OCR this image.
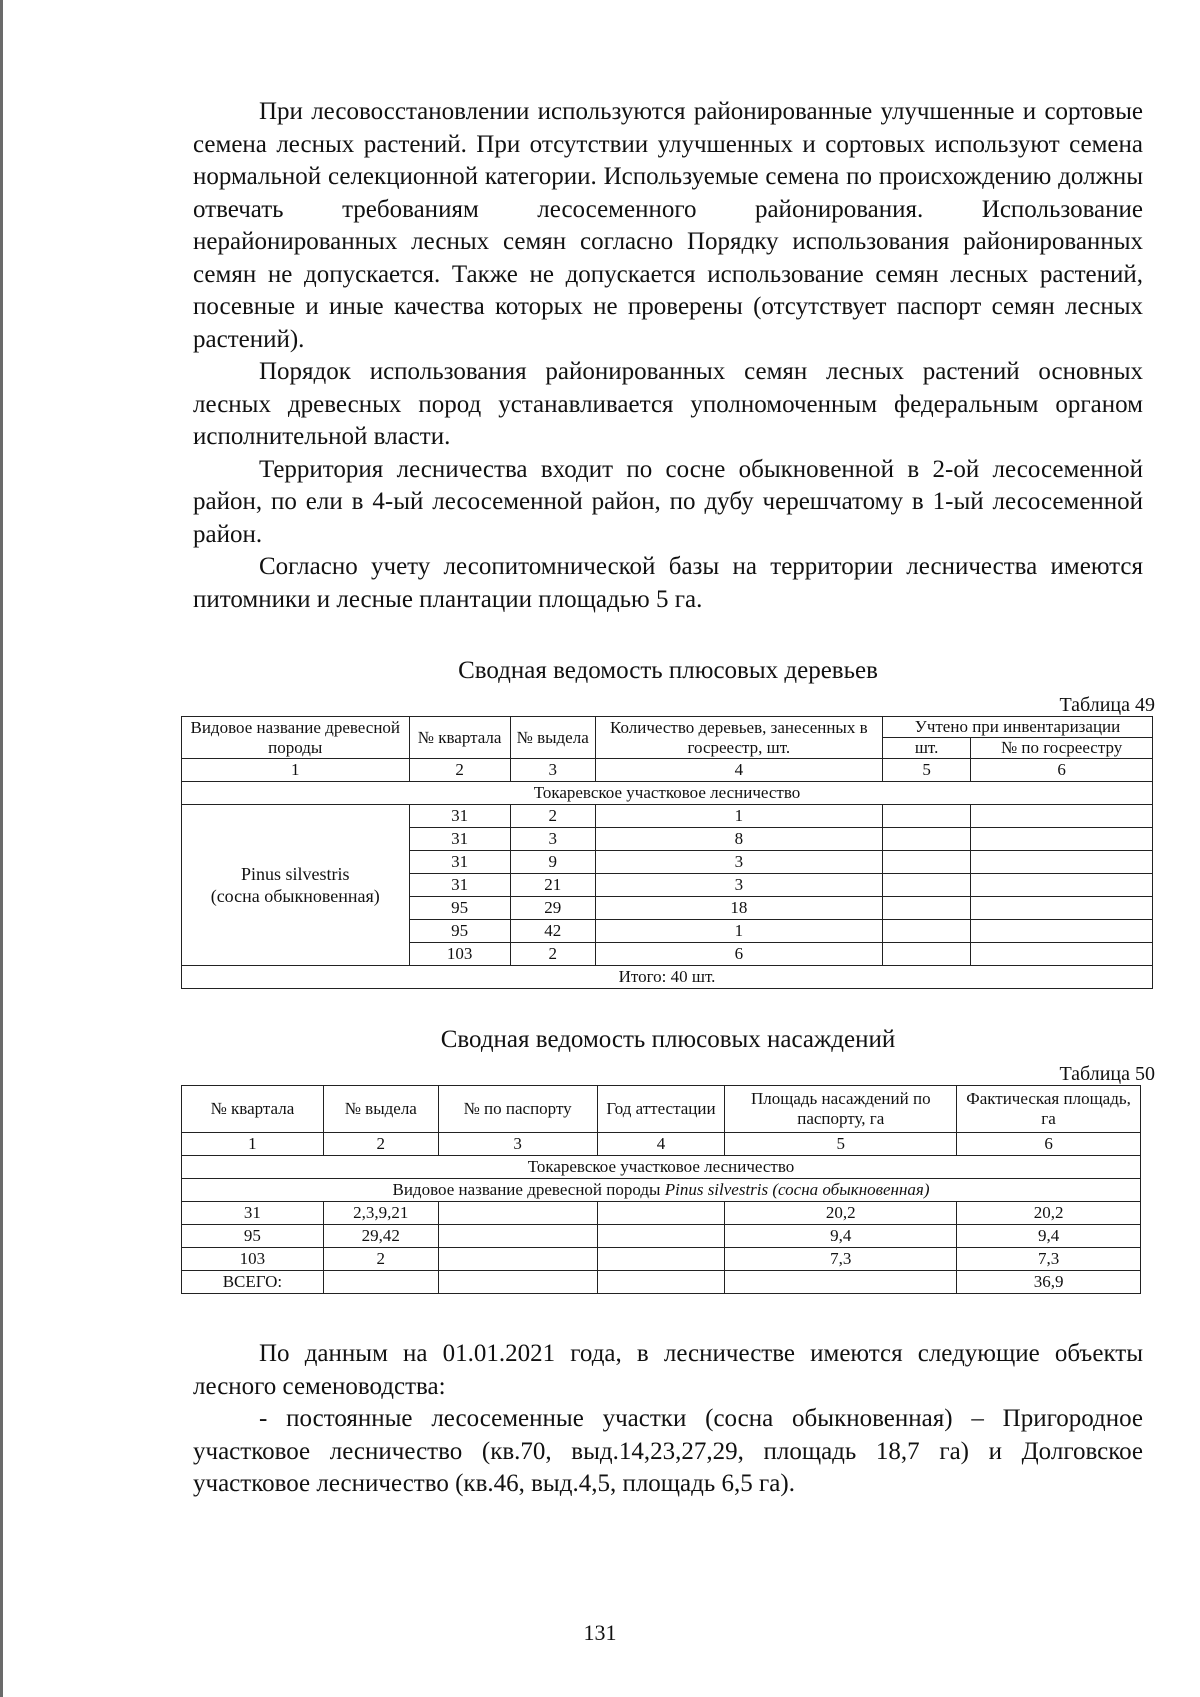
При лесовосстановлении используются районированные улучшенные и сортовые семена лесных растений. При отсутствии улучшенных и сортовых используют семена нормальной селекционной категории. Используемые семена по происхождению должны отвечать требованиям лесосеменного районирования. Использование нерайонированных лесных семян согласно Порядку использования районированных семян не допускается. Также не допускается использование семян лесных растений, посевные и иные качества которых не проверены (отсутствует паспорт семян лесных растений).

Порядок использования районированных семян лесных растений основных лесных древесных пород устанавливается уполномоченным федеральным органом исполнительной власти.

Территория лесничества входит по сосне обыкновенной в 2-ой лесосеменной район, по ели в 4-ый лесосеменной район, по дубу черешчатому в 1-ый лесосеменной район.

Согласно учету лесопитомнической базы на территории лесничества имеются питомники и лесные плантации площадью 5 га.

Сводная ведомость плюсовых деревьев
Таблица 49
Видовое название древесной породы	№ квартала	№ выдела	Количество деревьев, занесенных в госреестр, шт.	Учтено при инвентаризации	
				шт.	№ по госреестру
1	2	3	4	5	6
Токаревское участковое лесничество					
Pinus silvestris
(сосна обыкновенная)	31	2	1		
	31	3	8		
	31	9	3		
	31	21	3		
	95	29	18		
	95	42	1		
	103	2	6		
Итого: 40 шт.					
Сводная ведомость плюсовых насаждений
Таблица 50
№ квартала	№ выдела	№ по паспорту	Год аттестации	Площадь насаждений по паспорту, га	Фактическая площадь, га
1	2	3	4	5	6
Токаревское участковое лесничество					
Видовое название древесной породы Pinus silvestris (сосна обыкновенная)					
31	2,3,9,21			20,2	20,2
95	29,42			9,4	9,4
103	2			7,3	7,3
ВСЕГО:					36,9

По данным на 01.01.2021 года, в лесничестве имеются следующие объекты лесного семеноводства:

- постоянные лесосеменные участки (сосна обыкновенная) – Пригородное участковое лесничество (кв.70, выд.14,23,27,29, площадь 18,7 га) и Долговское участковое лесничество (кв.46, выд.4,5, площадь 6,5 га).

131
